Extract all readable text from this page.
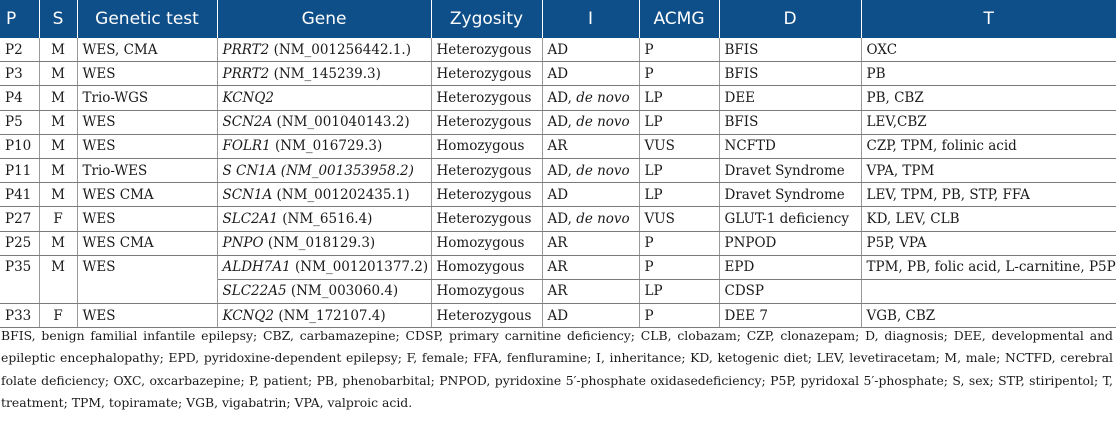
P	S	Genetic test	Gene	Zygosity	I	ACMG	D	T
P2	M	WES, CMA	PRRT2 (NM_001256442.1.)	Heterozygous	AD	P	BFIS	OXC
P3	M	WES	PRRT2 (NM_145239.3)	Heterozygous	AD	P	BFIS	PB
P4	M	Trio-WGS	KCNQ2	Heterozygous	AD, de novo	LP	DEE	PB, CBZ
P5	M	WES	SCN2A (NM_001040143.2)	Heterozygous	AD, de novo	LP	BFIS	LEV,CBZ
P10	M	WES	FOLR1 (NM_016729.3)	Homozygous	AR	VUS	NCFTD	CZP, TPM, folinic acid
P11	M	Trio-WES	S CN1A (NM_001353958.2)	Heterozygous	AD, de novo	LP	Dravet Syndrome	VPA, TPM
P41	M	WES CMA	SCN1A (NM_001202435.1)	Heterozygous	AD	LP	Dravet Syndrome	LEV, TPM, PB, STP, FFA
P27	F	WES	SLC2A1 (NM_6516.4)	Heterozygous	AD, de novo	VUS	GLUT-1 deficiency	KD, LEV, CLB
P25	M	WES CMA	PNPO (NM_018129.3)	Homozygous	AR	P	PNPOD	P5P, VPA
P35	M	WES	ALDH7A1 (NM_001201377.2)	Homozygous	AR	P	EPD	TPM, PB, folic acid, L-carnitine, P5P
			SLC22A5 (NM_003060.4)	Homozygous	AR	LP	CDSP	
P33	F	WES	KCNQ2 (NM_172107.4)	Heterozygous	AD	P	DEE 7	VGB, CBZ
BFIS, benign familial infantile epilepsy; CBZ, carbamazepine; CDSP, primary carnitine deficiency; CLB, clobazam; CZP, clonazepam; D, diagnosis; DEE, developmental and epileptic encephalopathy; EPD, pyridoxine-dependent epilepsy; F, female; FFA, fenfluramine; I, inheritance; KD, ketogenic diet; LEV, levetiracetam; M, male; NCTFD, cerebral folate deficiency; OXC, oxcarbazepine; P, patient; PB, phenobarbital; PNPOD, pyridoxine 5′-phosphate oxidasedeficiency; P5P, pyridoxal 5′-phosphate; S, sex; STP, stiripentol; T, treatment; TPM, topiramate; VGB, vigabatrin; VPA, valproic acid.
